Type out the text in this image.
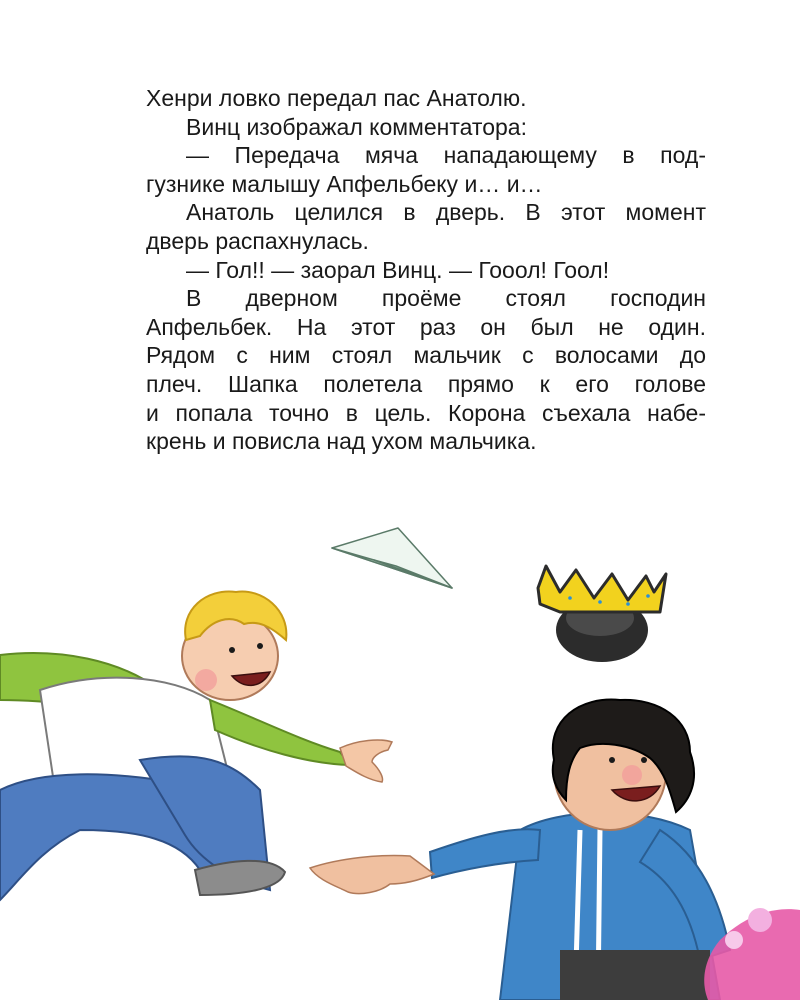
Хенри ловко передал пас Анатолю.

Винц изображал комментатора:

— Передача мяча нападающему в под-

гузнике малышу Апфельбеку и… и…

Анатоль целился в дверь. В этот момент

дверь распахнулась.

— Гол!! — заорал Винц. — Гооол! Гоол!

В дверном проёме стоял господин

Апфельбек. На этот раз он был не один.

Рядом с ним стоял мальчик с волосами до

плеч. Шапка полетела прямо к его голове

и попала точно в цель. Корона съехала набе-

крень и повисла над ухом мальчика.
